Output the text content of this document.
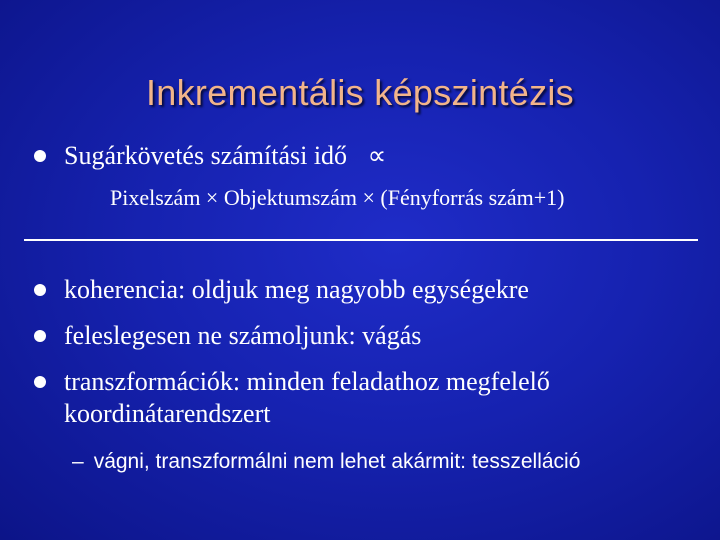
Inkrementális képszintézis
Sugárkövetés számítási idő ∝
Pixelszám × Objektumszám × (Fényforrás szám+1)
koherencia: oldjuk meg nagyobb egységekre
feleslegesen ne számoljunk: vágás
transzformációk: minden feladathoz megfelelő koordinátarendszert
– vágni, transzformálni nem lehet akármit: tesszelláció
